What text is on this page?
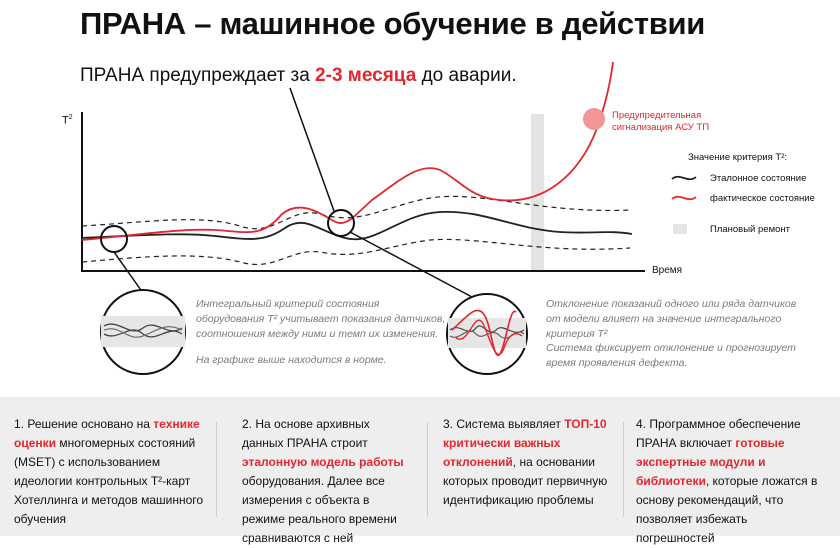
ПРАНА – машинное обучение в действии
ПРАНА предупреждает за 2-3 месяца до аварии.
$T^2$
Время
Предупредительная сигнализация АСУ ТП
Значение критерия T²:
Эталонное состояние
фактическое состояние
Плановый ремонт
Интегральный критерий состояния оборудования T² учитывает показания датчиков, соотношения между ними и темп их изменения.
На графике выше находится в норме.
Отклонение показаний одного или ряда датчиков от модели влияет на значение интегрального критерия T²
Система фиксирует отклонение и прогнозирует время проявления дефекта.
1. Решение основано на технике оценки многомерных состояний (MSET) с использованием идеологии контрольных T²-карт Хотеллинга и методов машинного обучения
2. На основе архивных данных ПРАНА строит эталонную модель работы оборудования. Далее все измерения с объекта в режиме реального времени сравниваются с ней
3. Система выявляет ТОП-10 критически важных отклонений, на основании которых проводит первичную идентификацию проблемы
4. Программное обеспечение ПРАНА включает готовые экспертные модули и библиотеки, которые ложатся в основу рекомендаций, что позволяет избежать погрешностей
